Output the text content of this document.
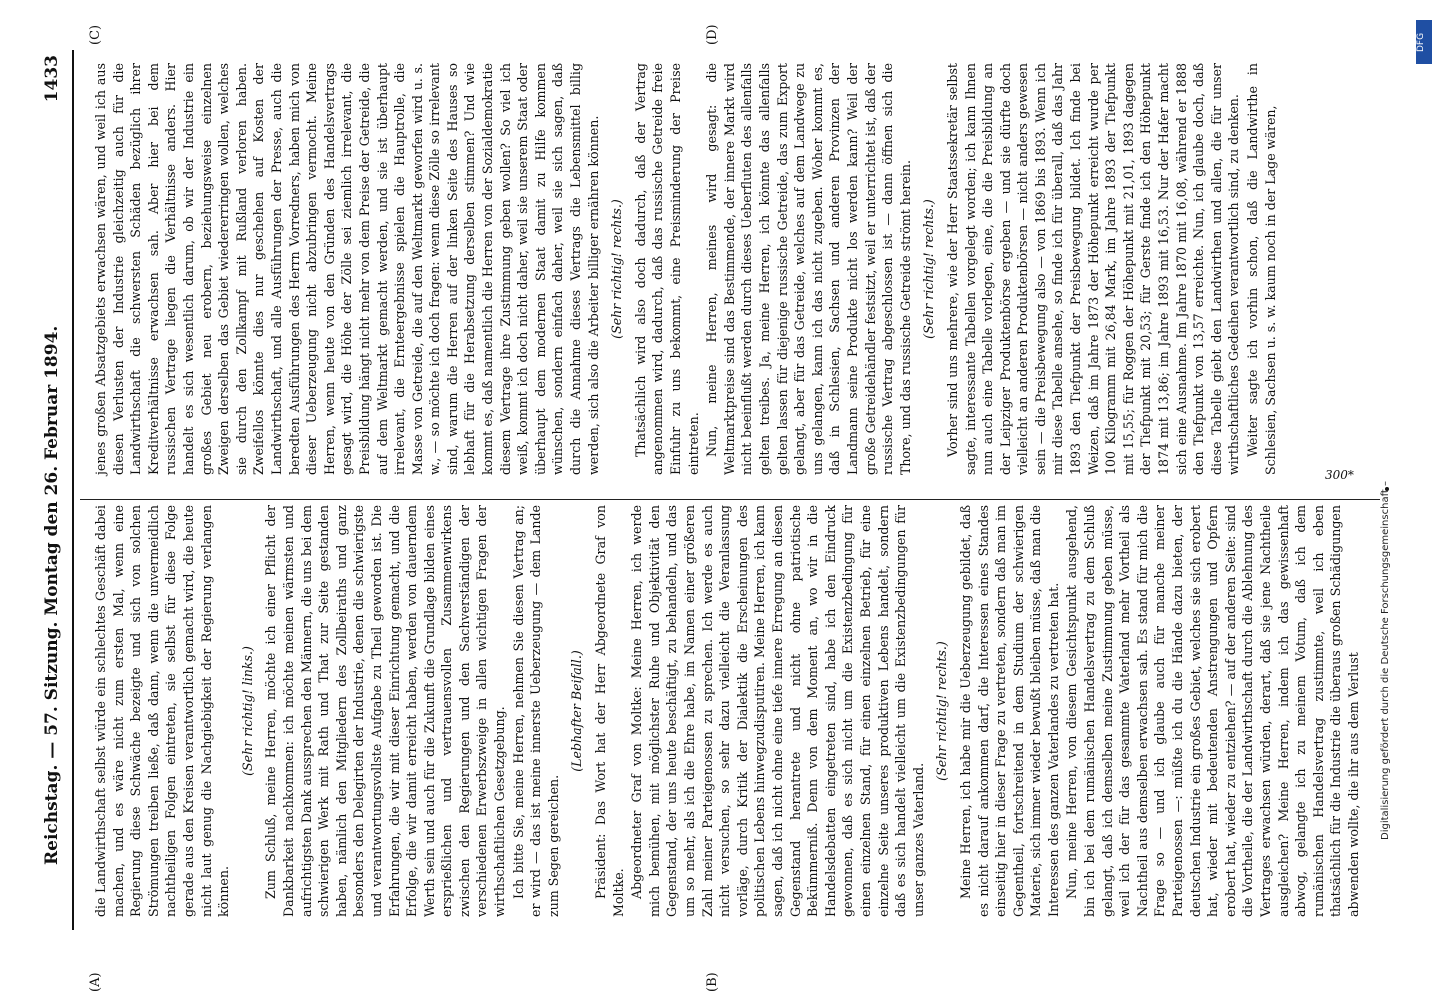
Reichstag. — 57. Sitzung. Montag den 26. Februar 1894.
1433
(A)	(B)
(C)	(D)

die Landwirthschaft selbst würde ein schlechtes Geschäft dabei machen, und es wäre nicht zum ersten Mal, wenn eine Regierung diese Schwäche bezeigte und sich von solchen Strömungen treiben ließe, daß dann, wenn die unvermeidlich nachtheiligen Folgen eintreten, sie selbst für diese Folge gerade aus den Kreisen verantwortlich gemacht wird, die heute nicht laut genug die Nachgiebigkeit der Regierung verlangen können.

(Sehr richtig! links.) Zum Schluß, meine Herren, möchte ich einer Pflicht der Dankbarkeit nachkommen: ich möchte meinen wärmsten und aufrichtigsten Dank aussprechen den Männern, die uns bei dem schwierigen Werk mit Rath und That zur Seite gestanden haben, nämlich den Mitgliedern des Zollbeiraths und ganz besonders den Delegirten der Industrie, denen die schwierigste und verantwortungsvollste Aufgabe zu Theil geworden ist. Die Erfahrungen, die wir mit dieser Einrichtung gemacht, und die Erfolge, die wir damit erreicht haben, werden von dauerndem Werth sein und auch für die Zukunft die Grundlage bilden eines ersprießlichen und vertrauensvollen Zusammenwirkens zwischen den Regierungen und den Sachverständigen der verschiedenen Erwerbszweige in allen wichtigen Fragen der wirthschaftlichen Gesetzgebung. Ich bitte Sie, meine Herren, nehmen Sie diesen Vertrag an; er wird — das ist meine innerste Ueberzeugung — dem Lande zum Segen gereichen.

(Lebhafter Beifall.) Präsident: Das Wort hat der Herr Abgeordnete Graf von Moltke. Abgeordneter Graf von Moltke: Meine Herren, ich werde mich bemühen, mit möglichster Ruhe und Objektivität den Gegenstand, der uns heute beschäftigt, zu behandeln, und das um so mehr, als ich die Ehre habe, im Namen einer größeren Zahl meiner Parteigenossen zu sprechen. Ich werde es auch nicht versuchen, so sehr dazu vielleicht die Veranlassung vorläge, durch Kritik der Dialektik die Erscheinungen des politischen Lebens hinwegzudisputiren. Meine Herren, ich kann sagen, daß ich nicht ohne eine tiefe innere Erregung an diesen Gegenstand herantrete und nicht ohne patriotische Bekümmerniß. Denn von dem Moment an, wo wir in die Handelsdebatten eingetreten sind, habe ich den Eindruck gewonnen, daß es sich nicht um die Existenzbedingung für einen einzelnen Stand, für einen einzelnen Betrieb, für eine einzelne Seite unseres produktiven Lebens handelt, sondern daß es sich handelt vielleicht um die Existenzbedingungen für unser ganzes Vaterland.

(Sehr richtig! rechts.) Meine Herren, ich habe mir die Ueberzeugung gebildet, daß es nicht darauf ankommen darf, die Interessen eines Standes einseitig hier in dieser Frage zu vertreten, sondern daß man im Gegentheil, fortschreitend in dem Studium der schwierigen Materie, sich immer wieder bewußt bleiben müsse, daß man die Interessen des ganzen Vaterlandes zu vertreten hat. Nun, meine Herren, von diesem Gesichtspunkt ausgehend, bin ich bei dem rumänischen Handelsvertrag zu dem Schluß gelangt, daß ich demselben meine Zustimmung geben müsse, weil ich der für das gesammte Vaterland mehr Vortheil als Nachtheil aus demselben erwachsen sah. Es stand für mich die Frage so — und ich glaube auch für manche meiner Parteigenossen —: müßte ich du die Hände dazu bieten, der deutschen Industrie ein großes Gebiet, welches sie sich erobert hat, wieder mit bedeutenden Anstrengungen und Opfern erobert hat, wieder zu entziehen? — auf der anderen Seite: sind die Vortheile, die der Landwirthschaft durch die Ablehnung des Vertrages erwachsen würden, derart, daß sie jene Nachtheile ausgleichen? Meine Herren, indem ich das gewissenhaft abwog, gelangte ich zu meinem Votum, daß ich dem rumänischen Handelsvertrag zustimmte, weil ich eben thatsächlich für die Industrie die überaus großen Schädigungen abwenden wollte, die ihr aus dem Verlust

jenes großen Absatzgebiets erwachsen wären, und weil ich aus diesen Verlusten der Industrie gleichzeitig auch für die Landwirthschaft die schwersten Schäden bezüglich ihrer Kreditverhältnisse erwachsen sah. Aber hier bei dem russischen Vertrage liegen die Verhältnisse anders. Hier handelt es sich wesentlich darum, ob wir der Industrie ein großes Gebiet neu erobern, beziehungsweise einzelnen Zweigen derselben das Gebiet wiedererringen wollen, welches sie durch den Zollkampf mit Rußland verloren haben. Zweifellos könnte dies nur geschehen auf Kosten der Landwirthschaft, und alle Ausführungen der Presse, auch die beredten Ausführungen des Herrn Vorredners, haben mich von dieser Ueberzeugung nicht abzubringen vermocht. Meine Herren, wenn heute von den Gründen des Handelsvertrags gesagt wird, die Höhe der Zölle sei ziemlich irrelevant, die Preisbildung hängt nicht mehr von dem Preise der Getreide, die auf dem Weltmarkt gemacht werden, und sie ist überhaupt irrelevant, die Ernteergebnisse spielen die Hauptrolle, die Masse von Getreide, die auf den Weltmarkt geworfen wird u. s. w., — so möchte ich doch fragen: wenn diese Zölle so irrelevant sind, warum die Herren auf der linken Seite des Hauses so lebhaft für die Herabsetzung derselben stimmen? Und wie kommt es, daß namentlich die Herren von der Sozialdemokratie diesem Vertrage ihre Zustimmung geben wollen? So viel ich weiß, kommt ich doch nicht daher, weil sie unserem Staat oder überhaupt dem modernen Staat damit zu Hilfe kommen wünschen, sondern einfach daher, weil sie sich sagen, daß durch die Annahme dieses Vertrags die Lebensmittel billig werden, sich also die Arbeiter billiger ernähren können. (Sehr richtig! rechts.) Thatsächlich wird also doch dadurch, daß der Vertrag angenommen wird, dadurch, daß das russische Getreide freie Einfuhr zu uns bekommt, eine Preisminderung der Preise eintreten. Nun, meine Herren, meines wird gesagt: die Weltmarktpreise sind das Bestimmende, der innere Markt wird nicht beeinflußt werden durch dieses Ueberfluten des allenfalls gelten treibes. Ja, meine Herren, ich könnte das allenfalls gelten lassen für diejenige russische Getreide, das zum Export gelangt, aber für das Getreide, welches auf dem Landwege zu uns gelangen, kann ich das nicht zugeben. Woher kommt es, daß in Schlesien, Sachsen und anderen Provinzen der Landmann seine Produkte nicht los werden kann? Weil der große Getreidehändler festsitzt, weil er unterrichtet ist, daß der russische Vertrag abgeschlossen ist — dann öffnen sich die Thore, und das russische Getreide strömt herein. (Sehr richtig! rechts.) Vorher sind uns mehrere, wie der Herr Staatssekretär selbst sagte, interessante Tabellen vorgelegt worden; ich kann Ihnen nun auch eine Tabelle vorlegen, eine, die die Preisbildung an der Leipziger Produktenbörse ergeben — und sie dürfte doch vielleicht an anderen Produktenbörsen — nicht anders gewesen sein — die Preisbewegung also — von 1869 bis 1893. Wenn ich mir diese Tabelle ansehe, so finde ich für überall, daß das Jahr 1893 den Tiefpunkt der Preisbewegung bildet. Ich finde bei Weizen, daß im Jahre 1873 der Höhepunkt erreicht wurde per 100 Kilogramm mit 26,84 Mark, im Jahre 1893 der Tiefpunkt mit 15,55; für Roggen der Höhepunkt mit 21,01, 1893 dagegen der Tiefpunkt mit 20,53; für Gerste finde ich den Höhepunkt 1874 mit 13,86; im Jahre 1893 mit 16,53. Nur der Hafer macht sich eine Ausnahme. Im Jahre 1870 mit 16,08, während er 1888 den Tiefpunkt von 13,57 erreichte. Nun, ich glaube doch, daß diese Tabelle giebt den Landwirthen und allen, die für unser wirthschaftliches Gedeihen verantwortlich sind, zu denken. Weiter sagte ich vorhin schon, daß die Landwirthe in Schlesien, Sachsen u. s. w. kaum noch in der Lage wären,	300*
Digitalisierung gefördert durch die Deutsche Forschungsgemeinschaft –
DFG
